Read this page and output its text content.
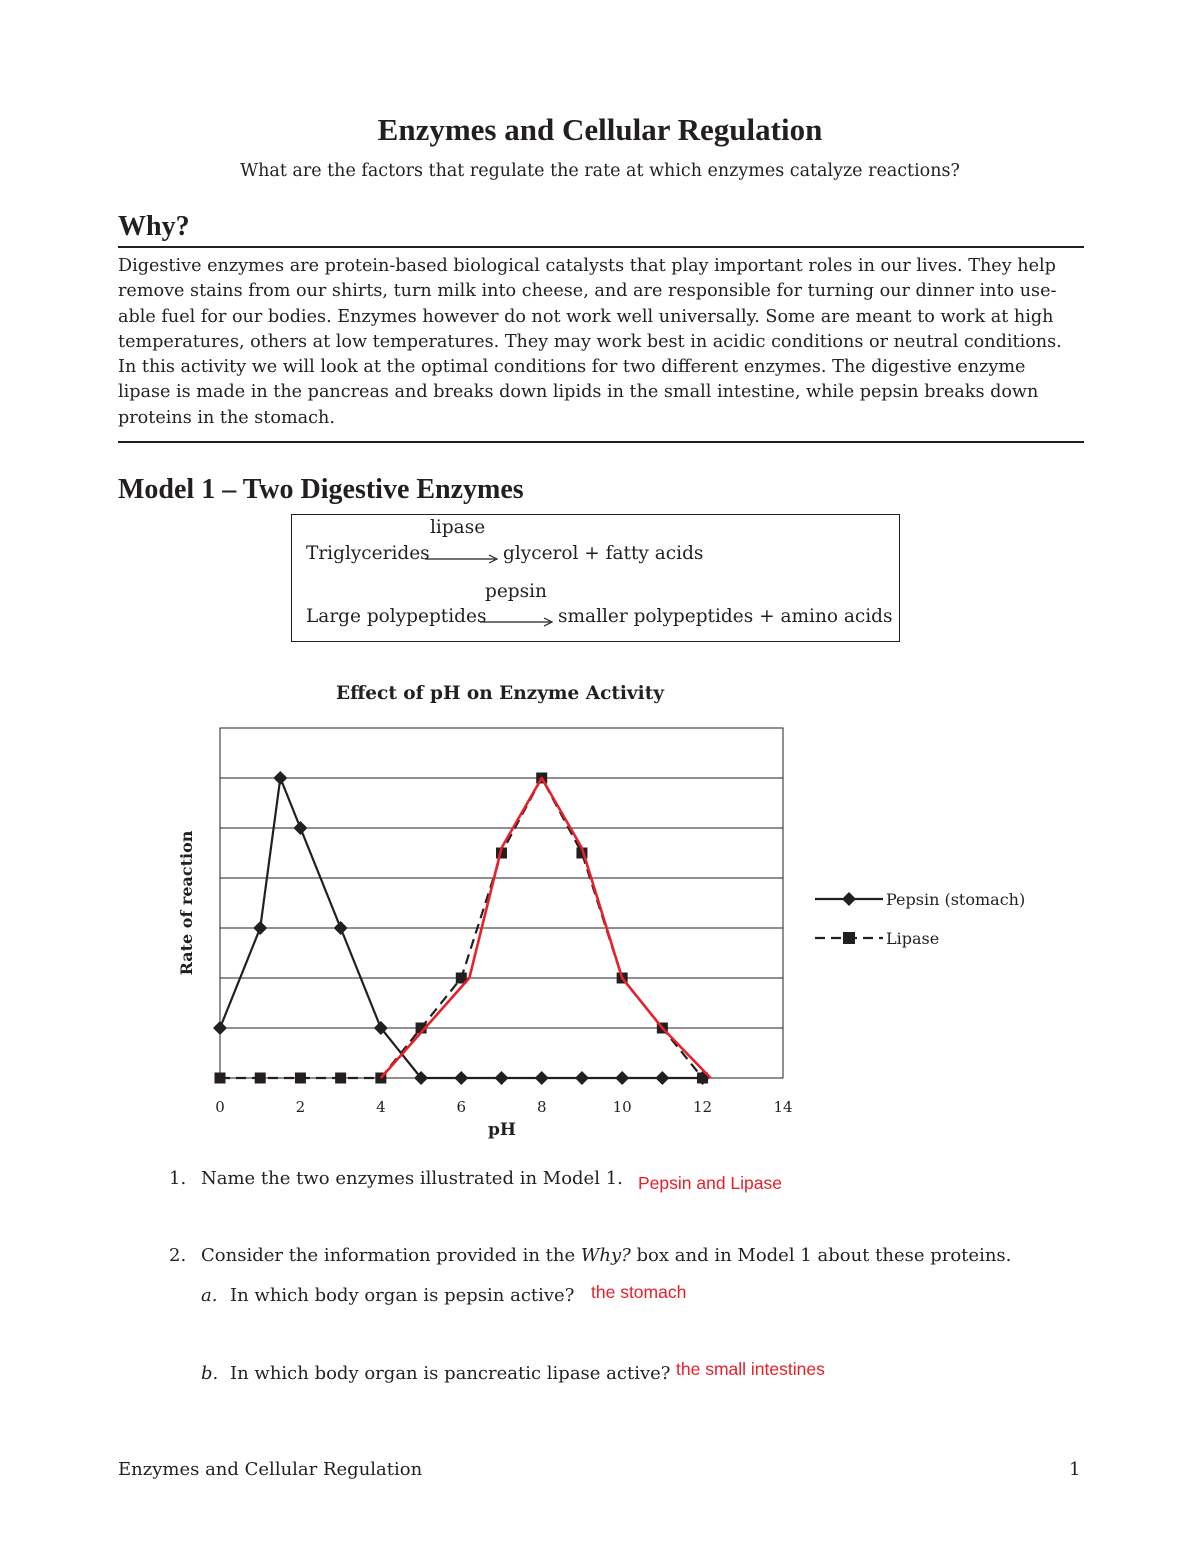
Enzymes and Cellular Regulation
What are the factors that regulate the rate at which enzymes catalyze reactions?
Why?
Digestive enzymes are protein-based biological catalysts that play important roles in our lives. They help
remove stains from our shirts, turn milk into cheese, and are responsible for turning our dinner into use-
able fuel for our bodies. Enzymes however do not work well universally. Some are meant to work at high
temperatures, others at low temperatures. They may work best in acidic conditions or neutral conditions.
In this activity we will look at the optimal conditions for two different enzymes. The digestive enzyme
lipase is made in the pancreas and breaks down lipids in the small intestine, while pepsin breaks down
proteins in the stomach.
Model 1 – Two Digestive Enzymes
lipase
Triglycerides	glycerol + fatty acids
pepsin
Large polypeptides	smaller polypeptides + amino acids
Effect of pH on Enzyme Activity
0	2	4	6	8	10	12	14
pH
Rate of reaction	Pepsin (stomach)
Lipase
1. Name the two enzymes illustrated in Model 1. Pepsin and Lipase
2. Consider the information provided in the Why? box and in Model 1 about these proteins.
a. In which body organ is pepsin active? the stomach
b. In which body organ is pancreatic lipase active? the small intestines
Enzymes and Cellular Regulation	1
